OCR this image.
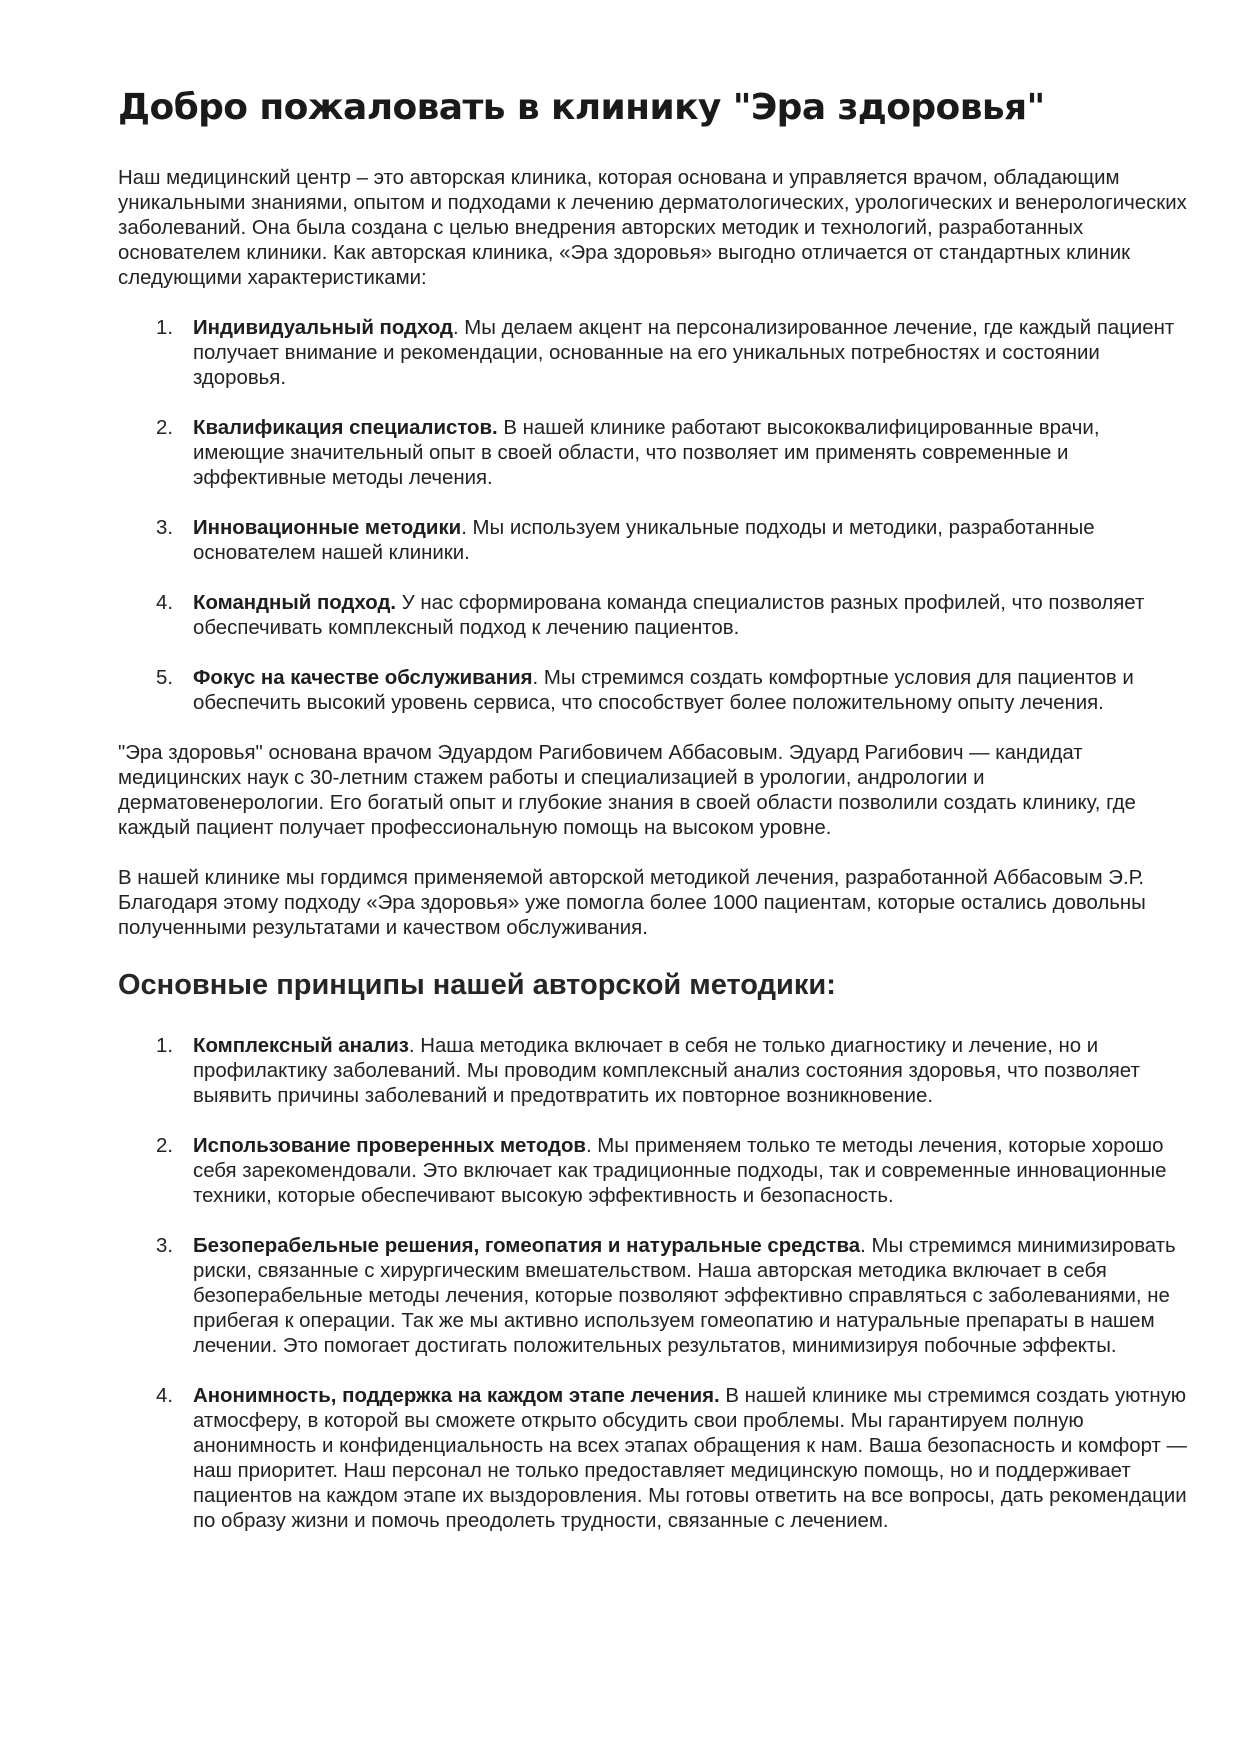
Добро пожаловать в клинику "Эра здоровья"

Наш медицинский центр – это авторская клиника, которая основана и управляется врачом, обладающим уникальными знаниями, опытом и подходами к лечению дерматологических, урологических и венерологических заболеваний. Она была создана с целью внедрения авторских методик и технологий, разработанных основателем клиники. Как авторская клиника, «Эра здоровья» выгодно отличается от стандартных клиник следующими характеристиками:

1. Индивидуальный подход. Мы делаем акцент на персонализированное лечение, где каждый пациент получает внимание и рекомендации, основанные на его уникальных потребностях и состоянии здоровья.
2. Квалификация специалистов. В нашей клинике работают высококвалифицированные врачи, имеющие значительный опыт в своей области, что позволяет им применять современные и эффективные методы лечения.
3. Инновационные методики. Мы используем уникальные подходы и методики, разработанные основателем нашей клиники.
4. Командный подход. У нас сформирована команда специалистов разных профилей, что позволяет обеспечивать комплексный подход к лечению пациентов.
5. Фокус на качестве обслуживания. Мы стремимся создать комфортные условия для пациентов и обеспечить высокий уровень сервиса, что способствует более положительному опыту лечения.

"Эра здоровья" основана врачом Эдуардом Рагибовичем Аббасовым. Эдуард Рагибович — кандидат медицинских наук с 30-летним стажем работы и специализацией в урологии, андрологии и дерматовенерологии. Его богатый опыт и глубокие знания в своей области позволили создать клинику, где каждый пациент получает профессиональную помощь на высоком уровне.

В нашей клинике мы гордимся применяемой авторской методикой лечения, разработанной Аббасовым Э.Р. Благодаря этому подходу «Эра здоровья» уже помогла более 1000 пациентам, которые остались довольны полученными результатами и качеством обслуживания.

Основные принципы нашей авторской методики:
1. Комплексный анализ. Наша методика включает в себя не только диагностику и лечение, но и профилактику заболеваний. Мы проводим комплексный анализ состояния здоровья, что позволяет выявить причины заболеваний и предотвратить их повторное возникновение.
2. Использование проверенных методов. Мы применяем только те методы лечения, которые хорошо себя зарекомендовали. Это включает как традиционные подходы, так и современные инновационные техники, которые обеспечивают высокую эффективность и безопасность.
3. Безоперабельные решения, гомеопатия и натуральные средства. Мы стремимся минимизировать риски, связанные с хирургическим вмешательством. Наша авторская методика включает в себя безоперабельные методы лечения, которые позволяют эффективно справляться с заболеваниями, не прибегая к операции. Так же мы активно используем гомеопатию и натуральные препараты в нашем лечении. Это помогает достигать положительных результатов, минимизируя побочные эффекты.
4. Анонимность, поддержка на каждом этапе лечения. В нашей клинике мы стремимся создать уютную атмосферу, в которой вы сможете открыто обсудить свои проблемы. Мы гарантируем полную анонимность и конфиденциальность на всех этапах обращения к нам. Ваша безопасность и комфорт — наш приоритет. Наш персонал не только предоставляет медицинскую помощь, но и поддерживает пациентов на каждом этапе их выздоровления. Мы готовы ответить на все вопросы, дать рекомендации по образу жизни и помочь преодолеть трудности, связанные с лечением.
